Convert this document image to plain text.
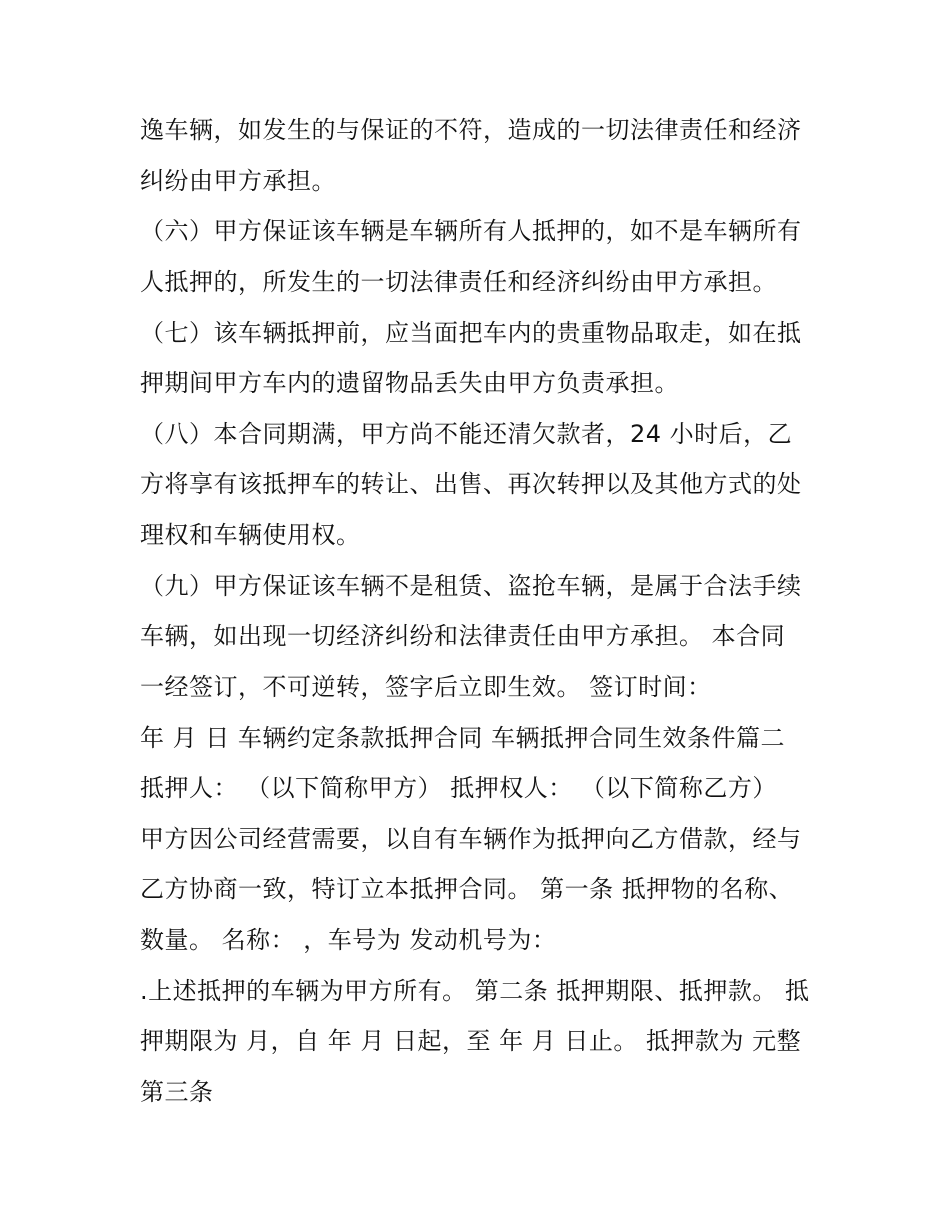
逸车辆，如发生的与保证的不符，造成的一切法律责任和经济
纠纷由甲方承担。
（六）甲方保证该车辆是车辆所有人抵押的，如不是车辆所有
人抵押的，所发生的一切法律责任和经济纠纷由甲方承担。
（七）该车辆抵押前，应当面把车内的贵重物品取走，如在抵
押期间甲方车内的遗留物品丢失由甲方负责承担。
（八）本合同期满，甲方尚不能还清欠款者，24 小时后，乙
方将享有该抵押车的转让、出售、再次转押以及其他方式的处
理权和车辆使用权。
（九）甲方保证该车辆不是租赁、盗抢车辆，是属于合法手续
车辆，如出现一切经济纠纷和法律责任由甲方承担。 本合同
一经签订，不可逆转，签字后立即生效。 签订时间：
年 月 日 车辆约定条款抵押合同 车辆抵押合同生效条件篇二
抵押人： （以下简称甲方） 抵押权人： （以下简称乙方）
甲方因公司经营需要，以自有车辆作为抵押向乙方借款，经与
乙方协商一致，特订立本抵押合同。 第一条 抵押物的名称、
数量。 名称： ，车号为 发动机号为：
.上述抵押的车辆为甲方所有。 第二条 抵押期限、抵押款。 抵
押期限为 月，自 年 月 日起，至 年 月 日止。 抵押款为 元整
第三条
